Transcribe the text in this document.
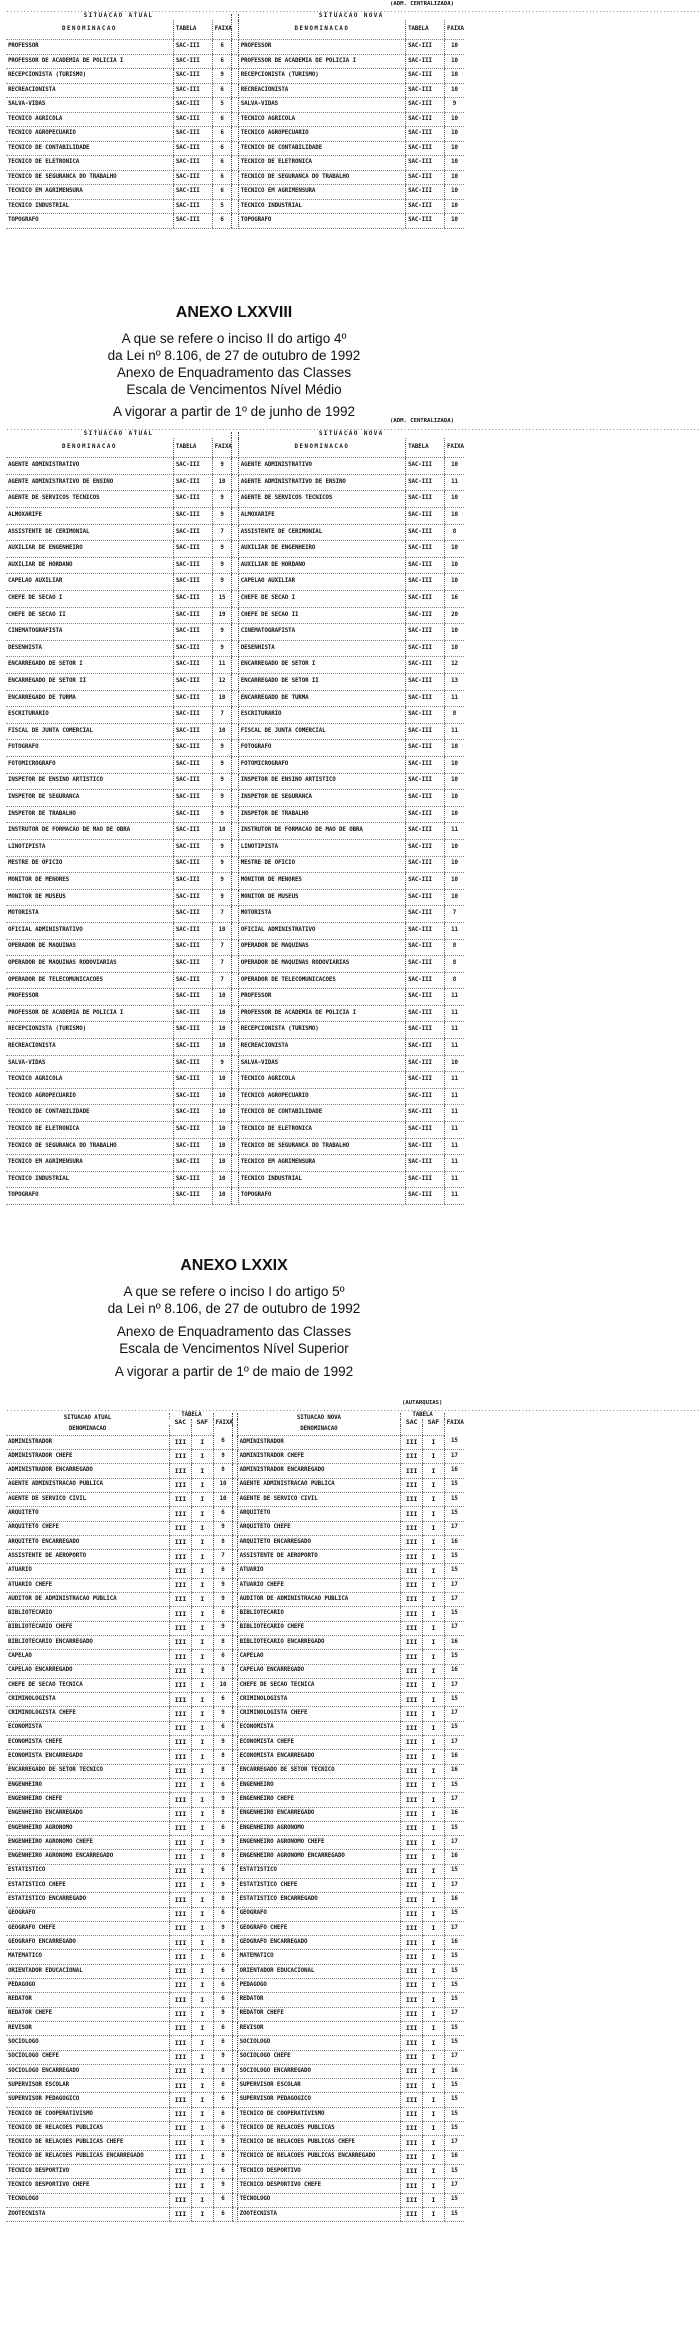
(ADM. CENTRALIZADA)
..............................................................................................................................................................................................................
SITUACAO ATUAL				SITUACAO NOVA		
DENOMINACAO	TABELA	FAIXA		DENOMINACAO	TABELA	FAIXA
PROFESSOR	SAC-III	6		PROFESSOR	SAC-III	10
PROFESSOR DE ACADEMIA DE POLICIA I	SAC-III	6		PROFESSOR DE ACADEMIA DE POLICIA I	SAC-III	10
RECEPCIONISTA (TURISMO)	SAC-III	9		RECEPCIONISTA (TURISMO)	SAC-III	10
RECREACIONISTA	SAC-III	6		RECREACIONISTA	SAC-III	10
SALVA-VIDAS	SAC-III	5		SALVA-VIDAS	SAC-III	9
TECNICO AGRICOLA	SAC-III	6		TECNICO AGRICOLA	SAC-III	10
TECNICO AGROPECUARIO	SAC-III	6		TECNICO AGROPECUARIO	SAC-III	10
TECNICO DE CONTABILIDADE	SAC-III	6		TECNICO DE CONTABILIDADE	SAC-III	10
TECNICO DE ELETRONICA	SAC-III	6		TECNICO DE ELETRONICA	SAC-III	10
TECNICO DE SEGURANCA DO TRABALHO	SAC-III	6		TECNICO DE SEGURANCA DO TRABALHO	SAC-III	10
TECNICO EM AGRIMENSURA	SAC-III	6		TECNICO EM AGRIMENSURA	SAC-III	10
TECNICO INDUSTRIAL	SAC-III	5		TECNICO INDUSTRIAL	SAC-III	10
TOPOGRAFO	SAC-III	6		TOPOGRAFO	SAC-III	10
ANEXO LXXVIII
A que se refere o inciso II do artigo 4º
da Lei nº 8.106, de 27 de outubro de 1992
Anexo de Enquadramento das Classes
Escala de Vencimentos Nível Médio
A vigorar a partir de 1º de junho de 1992
(ADM. CENTRALIZADA)
..............................................................................................................................................................................................................
SITUACAO ATUAL				SITUACAO NOVA		
DENOMINACAO	TABELA	FAIXA		DENOMINACAO	TABELA	FAIXA
AGENTE ADMINISTRATIVO	SAC-III	9		AGENTE ADMINISTRATIVO	SAC-III	10
AGENTE ADMINISTRATIVO DE ENSINO	SAC-III	10		AGENTE ADMINISTRATIVO DE ENSINO	SAC-III	11
AGENTE DE SERVICOS TECNICOS	SAC-III	9		AGENTE DE SERVICOS TECNICOS	SAC-III	10
ALMOXARIFE	SAC-III	9		ALMOXARIFE	SAC-III	10
ASSISTENTE DE CERIMONIAL	SAC-III	7		ASSISTENTE DE CERIMONIAL	SAC-III	8
AUXILIAR DE ENGENHEIRO	SAC-III	9		AUXILIAR DE ENGENHEIRO	SAC-III	10
AUXILIAR DE HORDANO	SAC-III	9		AUXILIAR DE HORDANO	SAC-III	10
CAPELAO AUXILIAR	SAC-III	9		CAPELAO AUXILIAR	SAC-III	10
CHEFE DE SECAO I	SAC-III	15		CHEFE DE SECAO I	SAC-III	16
CHEFE DE SECAO II	SAC-III	19		CHEFE DE SECAO II	SAC-III	20
CINEMATOGRAFISTA	SAC-III	9		CINEMATOGRAFISTA	SAC-III	10
DESENHISTA	SAC-III	9		DESENHISTA	SAC-III	10
ENCARREGADO DE SETOR I	SAC-III	11		ENCARREGADO DE SETOR I	SAC-III	12
ENCARREGADO DE SETOR II	SAC-III	12		ENCARREGADO DE SETOR II	SAC-III	13
ENCARREGADO DE TURMA	SAC-III	10		ENCARREGADO DE TURMA	SAC-III	11
ESCRITURARIO	SAC-III	7		ESCRITURARIO	SAC-III	8
FISCAL DE JUNTA COMERCIAL	SAC-III	10		FISCAL DE JUNTA COMERCIAL	SAC-III	11
FOTOGRAFO	SAC-III	9		FOTOGRAFO	SAC-III	10
FOTOMICROGRAFO	SAC-III	9		FOTOMICROGRAFO	SAC-III	10
INSPETOR DE ENSINO ARTISTICO	SAC-III	9		INSPETOR DE ENSINO ARTISTICO	SAC-III	10
INSPETOR DE SEGURANCA	SAC-III	9		INSPETOR DE SEGURANCA	SAC-III	10
INSPETOR DE TRABALHO	SAC-III	9		INSPETOR DE TRABALHO	SAC-III	10
INSTRUTOR DE FORMACAO DE MAO DE OBRA	SAC-III	10		INSTRUTOR DE FORMACAO DE MAO DE OBRA	SAC-III	11
LINOTIPISTA	SAC-III	9		LINOTIPISTA	SAC-III	10
MESTRE DE OFICIO	SAC-III	9		MESTRE DE OFICIO	SAC-III	10
MONITOR DE MENORES	SAC-III	9		MONITOR DE MENORES	SAC-III	10
MONITOR DE MUSEUS	SAC-III	9		MONITOR DE MUSEUS	SAC-III	10
MOTORISTA	SAC-III	7		MOTORISTA	SAC-III	7
OFICIAL ADMINISTRATIVO	SAC-III	10		OFICIAL ADMINISTRATIVO	SAC-III	11
OPERADOR DE MAQUINAS	SAC-III	7		OPERADOR DE MAQUINAS	SAC-III	8
OPERADOR DE MAQUINAS RODOVIARIAS	SAC-III	7		OPERADOR DE MAQUINAS RODOVIARIAS	SAC-III	8
OPERADOR DE TELECOMUNICACOES	SAC-III	7		OPERADOR DE TELECOMUNICACOES	SAC-III	8
PROFESSOR	SAC-III	10		PROFESSOR	SAC-III	11
PROFESSOR DE ACADEMIA DE POLICIA I	SAC-III	10		PROFESSOR DE ACADEMIA DE POLICIA I	SAC-III	11
RECEPCIONISTA (TURISMO)	SAC-III	10		RECEPCIONISTA (TURISMO)	SAC-III	11
RECREACIONISTA	SAC-III	10		RECREACIONISTA	SAC-III	11
SALVA-VIDAS	SAC-III	9		SALVA-VIDAS	SAC-III	10
TECNICO AGRICOLA	SAC-III	10		TECNICO AGRICOLA	SAC-III	11
TECNICO AGROPECUARIO	SAC-III	10		TECNICO AGROPECUARIO	SAC-III	11
TECNICO DE CONTABILIDADE	SAC-III	10		TECNICO DE CONTABILIDADE	SAC-III	11
TECNICO DE ELETRONICA	SAC-III	10		TECNICO DE ELETRONICA	SAC-III	11
TECNICO DE SEGURANCA DO TRABALHO	SAC-III	10		TECNICO DE SEGURANCA DO TRABALHO	SAC-III	11
TECNICO EM AGRIMENSURA	SAC-III	10		TECNICO EM AGRIMENSURA	SAC-III	11
TECNICO INDUSTRIAL	SAC-III	10		TECNICO INDUSTRIAL	SAC-III	11
TOPOGRAFO	SAC-III	10		TOPOGRAFO	SAC-III	11
ANEXO LXXIX
A que se refere o inciso I do artigo 5º
da Lei nº 8.106, de 27 de outubro de 1992
Anexo de Enquadramento das Classes
Escala de Vencimentos Nível Superior
A vigorar a partir de 1º de maio de 1992
(AUTARQUIAS)
..............................................................................................................................................................................................................
SITUACAO ATUAL	TABELA		FAIXA		SITUACAO NOVA	TABELA		FAIXA
	SAC	SAF				SAC	SAF	
DENOMINACAO					DENOMINACAO			
ADMINISTRADOR	III	I	6		ADMINISTRADOR	III	I	15
ADMINISTRADOR CHEFE	III	I	9		ADMINISTRADOR CHEFE	III	I	17
ADMINISTRADOR ENCARREGADO	III	I	8		ADMINISTRADOR ENCARREGADO	III	I	16
AGENTE ADMINISTRACAO PUBLICA	III	I	10		AGENTE ADMINISTRACAO PUBLICA	III	I	15
AGENTE DE SERVICO CIVIL	III	I	10		AGENTE DE SERVICO CIVIL	III	I	15
ARQUITETO	III	I	6		ARQUITETO	III	I	15
ARQUITETO CHEFE	III	I	9		ARQUITETO CHEFE	III	I	17
ARQUITETO ENCARREGADO	III	I	8		ARQUITETO ENCARREGADO	III	I	16
ASSISTENTE DE AEROPORTO	III	I	7		ASSISTENTE DE AEROPORTO	III	I	15
ATUARIO	III	I	6		ATUARIO	III	I	15
ATUARIO CHEFE	III	I	9		ATUARIO CHEFE	III	I	17
AUDITOR DE ADMINISTRACAO PUBLICA	III	I	9		AUDITOR DE ADMINISTRACAO PUBLICA	III	I	17
BIBLIOTECARIO	III	I	6		BIBLIOTECARIO	III	I	15
BIBLIOTECARIO CHEFE	III	I	9		BIBLIOTECARIO CHEFE	III	I	17
BIBLIOTECARIO ENCARREGADO	III	I	8		BIBLIOTECARIO ENCARREGADO	III	I	16
CAPELAO	III	I	6		CAPELAO	III	I	15
CAPELAO ENCARREGADO	III	I	8		CAPELAO ENCARREGADO	III	I	16
CHEFE DE SECAO TECNICA	III	I	10		CHEFE DE SECAO TECNICA	III	I	17
CRIMINOLOGISTA	III	I	6		CRIMINOLOGISTA	III	I	15
CRIMINOLOGISTA CHEFE	III	I	9		CRIMINOLOGISTA CHEFE	III	I	17
ECONOMISTA	III	I	6		ECONOMISTA	III	I	15
ECONOMISTA CHEFE	III	I	9		ECONOMISTA CHEFE	III	I	17
ECONOMISTA ENCARREGADO	III	I	8		ECONOMISTA ENCARREGADO	III	I	16
ENCARREGADO DE SETOR TECNICO	III	I	8		ENCARREGADO DE SETOR TECNICO	III	I	16
ENGENHEIRO	III	I	6		ENGENHEIRO	III	I	15
ENGENHEIRO CHEFE	III	I	9		ENGENHEIRO CHEFE	III	I	17
ENGENHEIRO ENCARREGADO	III	I	8		ENGENHEIRO ENCARREGADO	III	I	16
ENGENHEIRO AGRONOMO	III	I	6		ENGENHEIRO AGRONOMO	III	I	15
ENGENHEIRO AGRONOMO CHEFE	III	I	9		ENGENHEIRO AGRONOMO CHEFE	III	I	17
ENGENHEIRO AGRONOMO ENCARREGADO	III	I	8		ENGENHEIRO AGRONOMO ENCARREGADO	III	I	16
ESTATISTICO	III	I	6		ESTATISTICO	III	I	15
ESTATISTICO CHEFE	III	I	9		ESTATISTICO CHEFE	III	I	17
ESTATISTICO ENCARREGADO	III	I	8		ESTATISTICO ENCARREGADO	III	I	16
GEOGRAFO	III	I	6		GEOGRAFO	III	I	15
GEOGRAFO CHEFE	III	I	9		GEOGRAFO CHEFE	III	I	17
GEOGRAFO ENCARREGADO	III	I	8		GEOGRAFO ENCARREGADO	III	I	16
MATEMATICO	III	I	6		MATEMATICO	III	I	15
ORIENTADOR EDUCACIONAL	III	I	6		ORIENTADOR EDUCACIONAL	III	I	15
PEDAGOGO	III	I	6		PEDAGOGO	III	I	15
REDATOR	III	I	6		REDATOR	III	I	15
REDATOR CHEFE	III	I	9		REDATOR CHEFE	III	I	17
REVISOR	III	I	6		REVISOR	III	I	15
SOCIOLOGO	III	I	6		SOCIOLOGO	III	I	15
SOCIOLOGO CHEFE	III	I	9		SOCIOLOGO CHEFE	III	I	17
SOCIOLOGO ENCARREGADO	III	I	8		SOCIOLOGO ENCARREGADO	III	I	16
SUPERVISOR ESCOLAR	III	I	6		SUPERVISOR ESCOLAR	III	I	15
SUPERVISOR PEDAGOGICO	III	I	6		SUPERVISOR PEDAGOGICO	III	I	15
TECNICO DE COOPERATIVISMO	III	I	6		TECNICO DE COOPERATIVISMO	III	I	15
TECNICO DE RELACOES PUBLICAS	III	I	6		TECNICO DE RELACOES PUBLICAS	III	I	15
TECNICO DE RELACOES PUBLICAS CHEFE	III	I	9		TECNICO DE RELACOES PUBLICAS CHEFE	III	I	17
TECNICO DE RELACOES PUBLICAS ENCARREGADO	III	I	8		TECNICO DE RELACOES PUBLICAS ENCARREGADO	III	I	16
TECNICO DESPORTIVO	III	I	6		TECNICO DESPORTIVO	III	I	15
TECNICO DESPORTIVO CHEFE	III	I	9		TECNICO DESPORTIVO CHEFE	III	I	17
TECNOLOGO	III	I	6		TECNOLOGO	III	I	15
ZOOTECNISTA	III	I	6		ZOOTECNISTA	III	I	15
